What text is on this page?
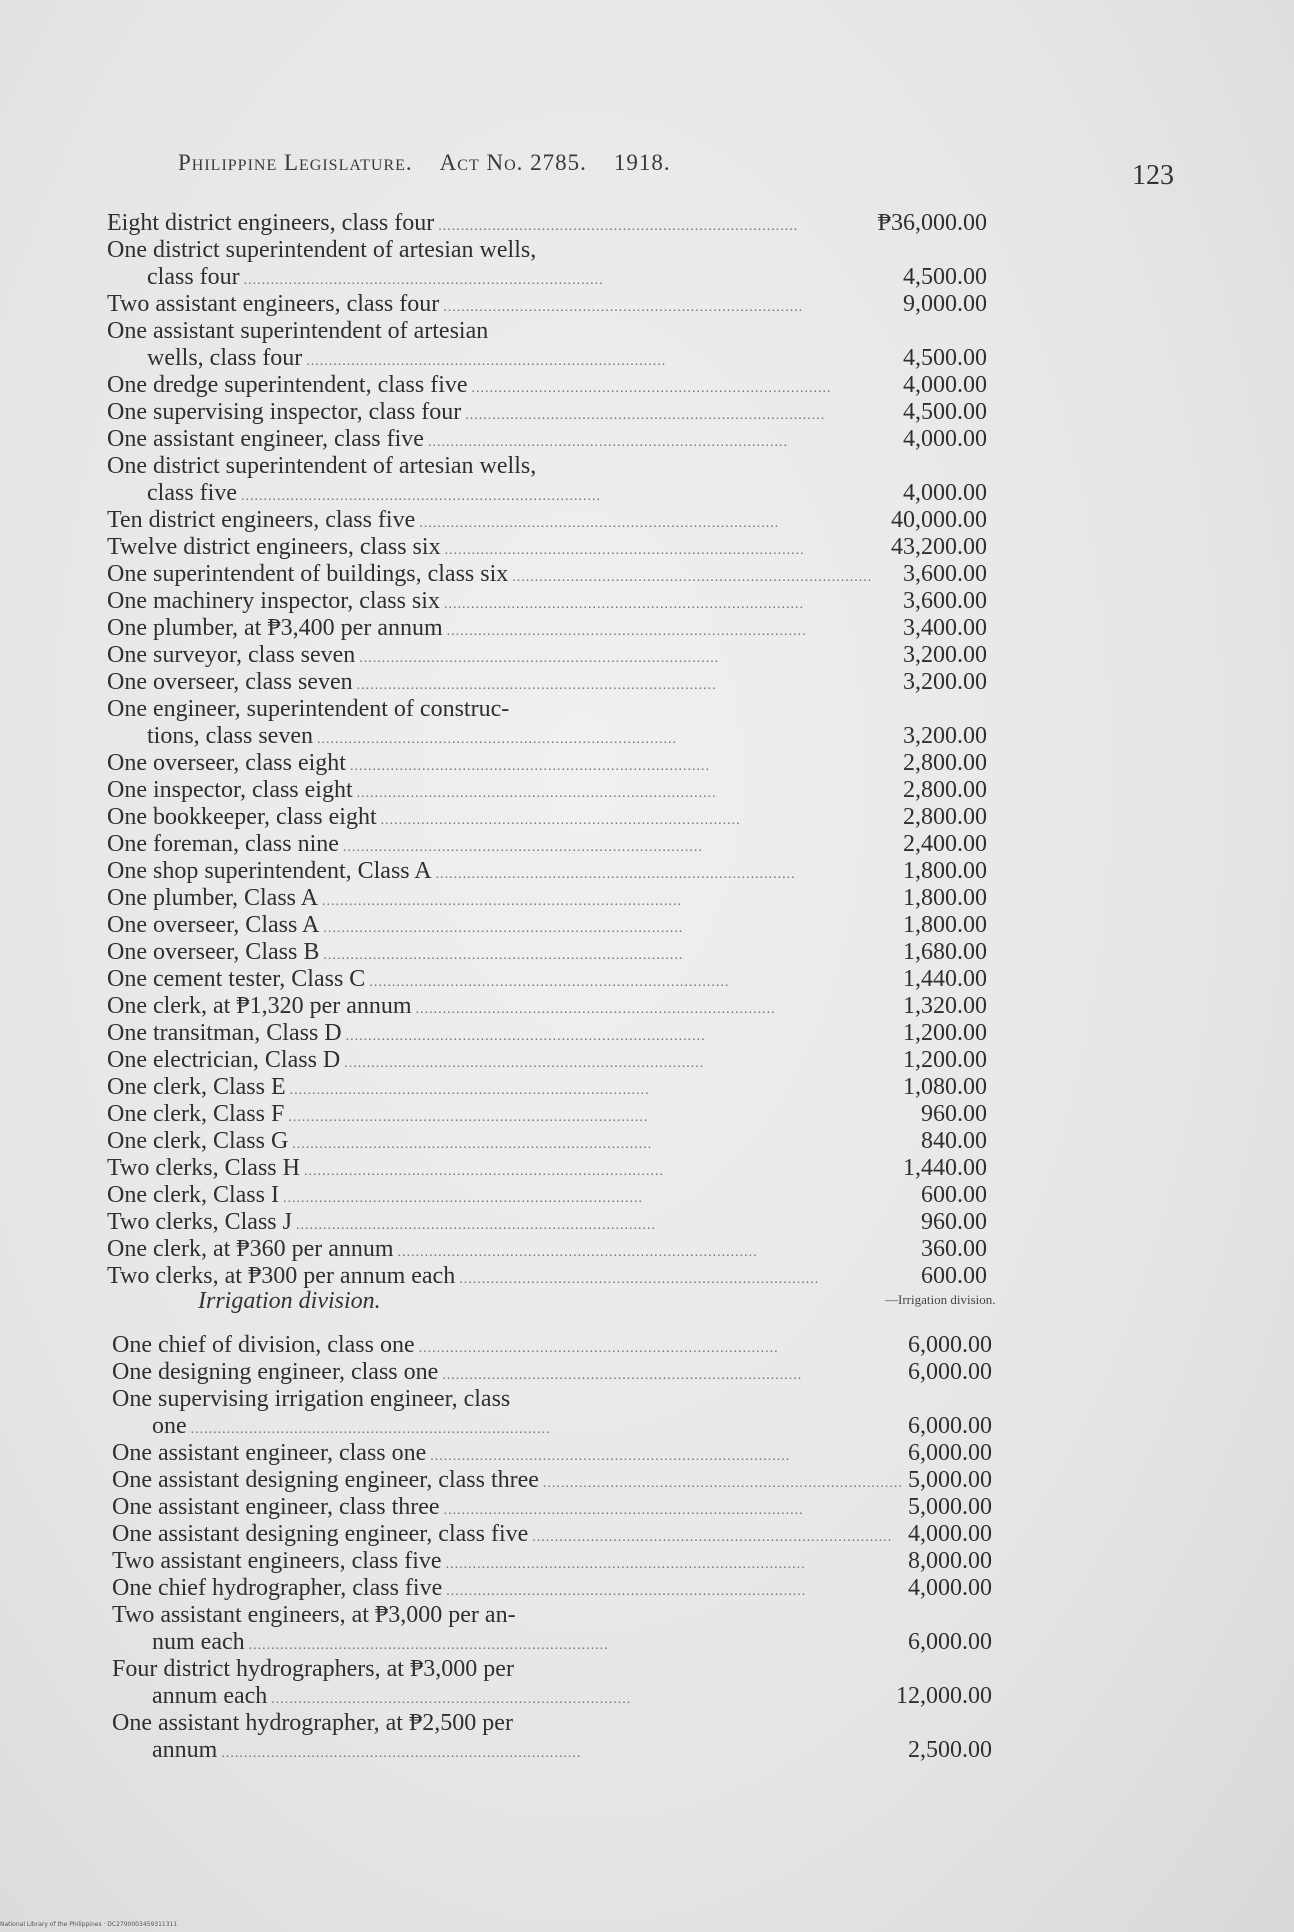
Philippine Legislature. Act No. 2785. 1918.	123
Eight district engineers, class four ................................................................................	₱36,000.00
One district superintendent of artesian wells,
class four ................................................................................	4,500.00
Two assistant engineers, class four ................................................................................	9,000.00
One assistant superintendent of artesian
wells, class four ................................................................................	4,500.00
One dredge superintendent, class five ................................................................................	4,000.00
One supervising inspector, class four ................................................................................	4,500.00
One assistant engineer, class five ................................................................................	4,000.00
One district superintendent of artesian wells,
class five ................................................................................	4,000.00
Ten district engineers, class five ................................................................................	40,000.00
Twelve district engineers, class six ................................................................................	43,200.00
One superintendent of buildings, class six ................................................................................	3,600.00
One machinery inspector, class six ................................................................................	3,600.00
One plumber, at ₱3,400 per annum ................................................................................	3,400.00
One surveyor, class seven ................................................................................	3,200.00
One overseer, class seven ................................................................................	3,200.00
One engineer, superintendent of construc-
tions, class seven ................................................................................	3,200.00
One overseer, class eight ................................................................................	2,800.00
One inspector, class eight ................................................................................	2,800.00
One bookkeeper, class eight ................................................................................	2,800.00
One foreman, class nine ................................................................................	2,400.00
One shop superintendent, Class A ................................................................................	1,800.00
One plumber, Class A ................................................................................	1,800.00
One overseer, Class A ................................................................................	1,800.00
One overseer, Class B ................................................................................	1,680.00
One cement tester, Class C ................................................................................	1,440.00
One clerk, at ₱1,320 per annum ................................................................................	1,320.00
One transitman, Class D ................................................................................	1,200.00
One electrician, Class D ................................................................................	1,200.00
One clerk, Class E ................................................................................	1,080.00
One clerk, Class F ................................................................................	960.00
One clerk, Class G ................................................................................	840.00
Two clerks, Class H ................................................................................	1,440.00
One clerk, Class I ................................................................................	600.00
Two clerks, Class J ................................................................................	960.00
One clerk, at ₱360 per annum ................................................................................	360.00
Two clerks, at ₱300 per annum each ................................................................................	600.00
Irrigation division.	—Irrigation division.
One chief of division, class one ................................................................................	6,000.00
One designing engineer, class one ................................................................................	6,000.00
One supervising irrigation engineer, class
one ................................................................................	6,000.00
One assistant engineer, class one ................................................................................	6,000.00
One assistant designing engineer, class three ................................................................................ 5,000.00
One assistant engineer, class three ................................................................................	5,000.00
One assistant designing engineer, class five ................................................................................ 4,000.00
Two assistant engineers, class five ................................................................................	8,000.00
One chief hydrographer, class five ................................................................................	4,000.00
Two assistant engineers, at ₱3,000 per an-
num each ................................................................................	6,000.00
Four district hydrographers, at ₱3,000 per
annum each ................................................................................	12,000.00
One assistant hydrographer, at ₱2,500 per
annum ................................................................................	2,500.00
National Library of the Philippines · DC2790003459311311
